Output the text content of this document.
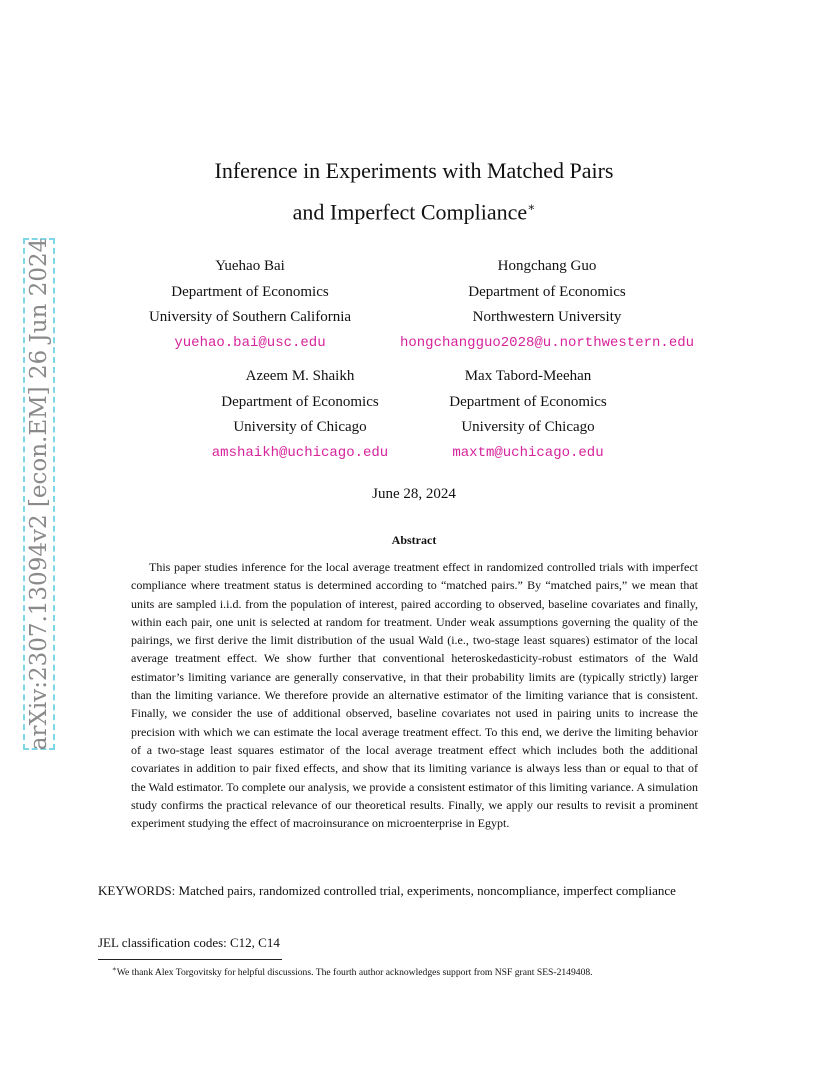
arXiv:2307.13094v2 [econ.EM] 26 Jun 2024
Inference in Experiments with Matched Pairs
and Imperfect Compliance∗
Yuehao Bai
Department of Economics
University of Southern California
yuehao.bai@usc.edu
Hongchang Guo
Department of Economics
Northwestern University
hongchangguo2028@u.northwestern.edu
Azeem M. Shaikh
Department of Economics
University of Chicago
amshaikh@uchicago.edu
Max Tabord-Meehan
Department of Economics
University of Chicago
maxtm@uchicago.edu
June 28, 2024
Abstract

This paper studies inference for the local average treatment effect in randomized controlled trials with imperfect compliance where treatment status is determined according to “matched pairs.” By “matched pairs,” we mean that units are sampled i.i.d. from the population of interest, paired according to observed, baseline covariates and finally, within each pair, one unit is selected at random for treatment. Under weak assumptions governing the quality of the pairings, we first derive the limit distribution of the usual Wald (i.e., two-stage least squares) estimator of the local average treatment effect. We show further that conventional heteroskedasticity-robust estimators of the Wald estimator’s limiting variance are generally conservative, in that their probability limits are (typically strictly) larger than the limiting variance. We therefore provide an alternative estimator of the limiting variance that is consistent. Finally, we consider the use of additional observed, baseline covariates not used in pairing units to increase the precision with which we can estimate the local average treatment effect. To this end, we derive the limiting behavior of a two-stage least squares estimator of the local average treatment effect which includes both the additional covariates in addition to pair fixed effects, and show that its limiting variance is always less than or equal to that of the Wald estimator. To complete our analysis, we provide a consistent estimator of this limiting variance. A simulation study confirms the practical relevance of our theoretical results. Finally, we apply our results to revisit a prominent experiment studying the effect of macroinsurance on microenterprise in Egypt.

KEYWORDS: Matched pairs, randomized controlled trial, experiments, noncompliance, imperfect compliance

JEL classification codes: C12, C14

∗We thank Alex Torgovitsky for helpful discussions. The fourth author acknowledges support from NSF grant SES-2149408.
